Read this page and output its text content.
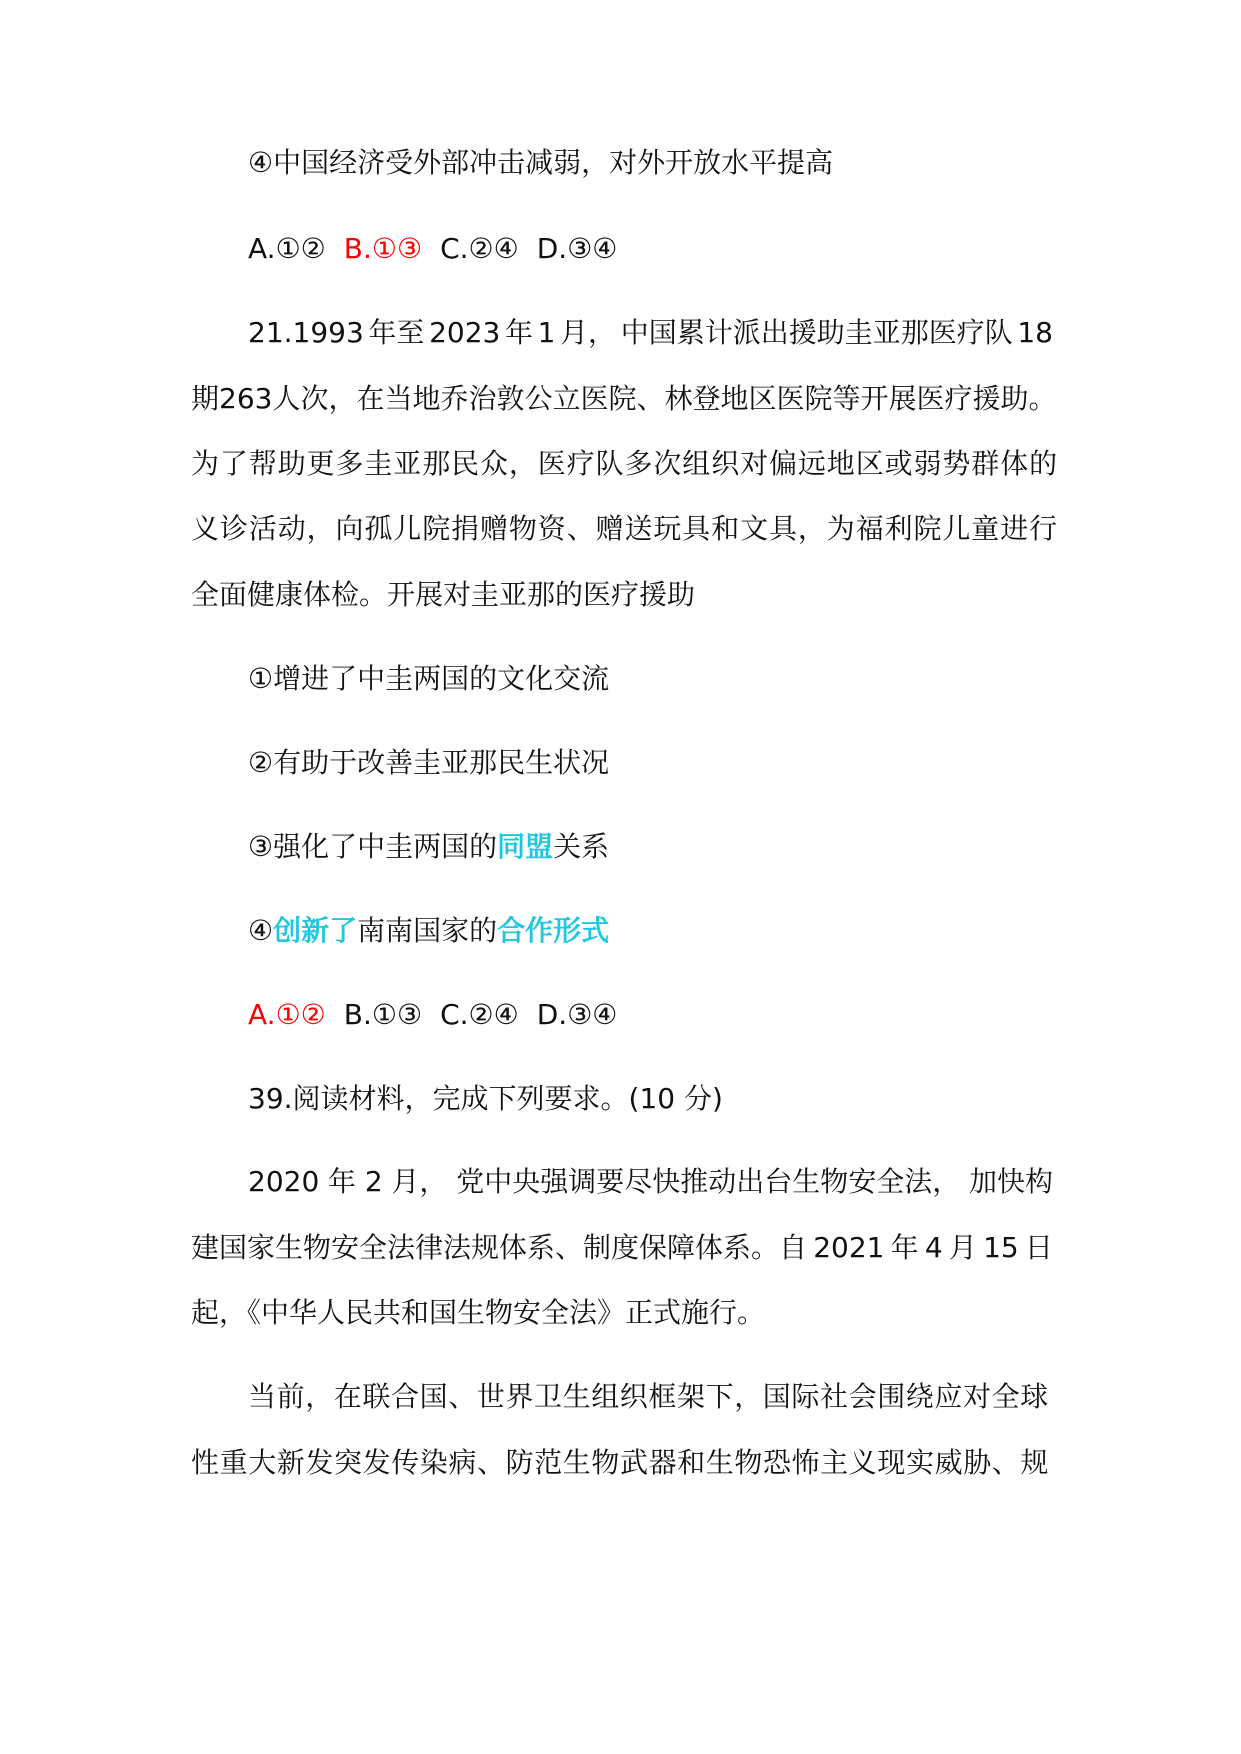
④中国经济受外部冲击减弱，对外开放水平提高
A.①② B.①③ C.②④ D.③④
21.1993 年至 2023 年 1 月， 中国累计派出援助圭亚那医疗队 18
期 263 人次，在当地乔治敦公立医院、林登地区医院等开展医疗援助。
为了帮助更多圭亚那民众，医疗队多次组织对偏远地区或弱势群体的
义诊活动，向孤儿院捐赠物资、赠送玩具和文具，为福利院儿童进行
全面健康体检。开展对圭亚那的医疗援助
①增进了中圭两国的文化交流
②有助于改善圭亚那民生状况
③强化了中圭两国的同盟关系
④创新了南南国家的合作形式
A.①② B.①③ C.②④ D.③④
39.阅读材料，完成下列要求。(10 分)
2020 年 2 月， 党中央强调要尽快推动出台生物安全法， 加快构
建国家生物安全法律法规体系、制度保障体系。自 2021 年 4 月 15 日
起，《中华人民共和国生物安全法》正式施行。
当前，在联合国、世界卫生组织框架下，国际社会围绕应对全球
性重大新发突发传染病、防范生物武器和生物恐怖主义现实威胁、规
